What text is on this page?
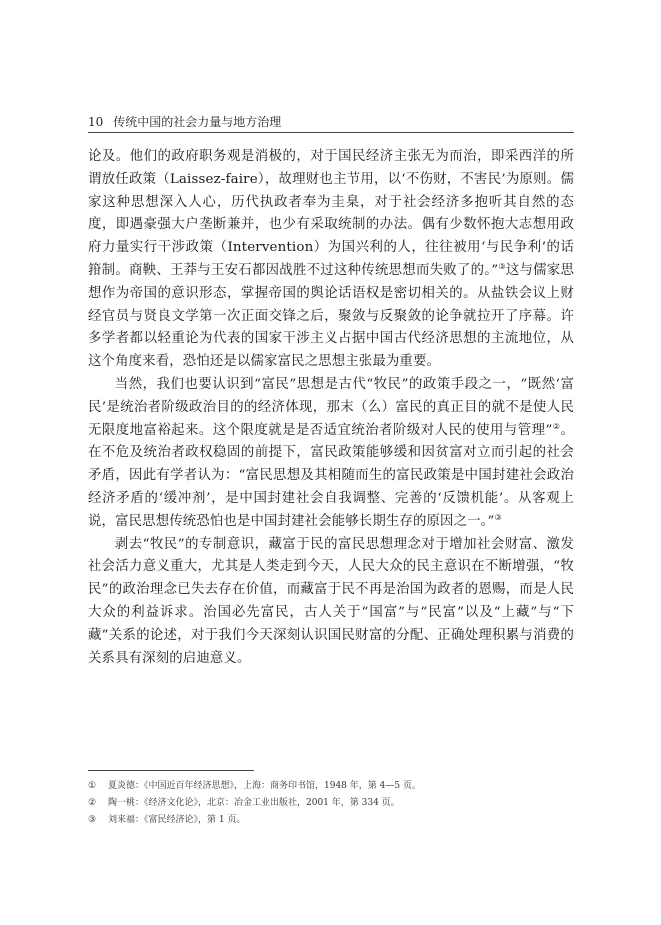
10 传统中国的社会力量与地方治理

论及。他们的政府职务观是消极的，对于国民经济主张无为而治，即采西洋的所谓放任政策（Laissez-faire），故理财也主节用，以‘不伤财，不害民’为原则。儒家这种思想深入人心，历代执政者奉为圭臬，对于社会经济多抱听其自然的态度，即遇豪强大户垄断兼并，也少有采取统制的办法。偶有少数怀抱大志想用政府力量实行干涉政策（Intervention）为国兴利的人，往往被用‘与民争利’的话箝制。商鞅、王莽与王安石都因战胜不过这种传统思想而失败了的。”③这与儒家思想作为帝国的意识形态，掌握帝国的舆论话语权是密切相关的。从盐铁会议上财经官员与贤良文学第一次正面交锋之后，聚敛与反聚敛的论争就拉开了序幕。许多学者都以轻重论为代表的国家干涉主义占据中国古代经济思想的主流地位，从这个角度来看，恐怕还是以儒家富民之思想主张最为重要。

当然，我们也要认识到“富民”思想是古代“牧民”的政策手段之一，“既然‘富民’是统治者阶级政治目的的经济体现，那末（么）富民的真正目的就不是使人民无限度地富裕起来。这个限度就是是否适宜统治者阶级对人民的使用与管理”②。在不危及统治者政权稳固的前提下，富民政策能够缓和因贫富对立而引起的社会矛盾，因此有学者认为：“富民思想及其相随而生的富民政策是中国封建社会政治经济矛盾的‘缓冲剂’，是中国封建社会自我调整、完善的‘反馈机能’。从客观上说，富民思想传统恐怕也是中国封建社会能够长期生存的原因之一。”③

剥去“牧民”的专制意识，藏富于民的富民思想理念对于增加社会财富、激发社会活力意义重大，尤其是人类走到今天，人民大众的民主意识在不断增强，“牧民”的政治理念已失去存在价值，而藏富于民不再是治国为政者的恩赐，而是人民大众的利益诉求。治国必先富民，古人关于“国富”与“民富”以及“上藏”与“下藏”关系的论述，对于我们今天深刻认识国民财富的分配、正确处理积累与消费的关系具有深刻的启迪意义。

① 夏炎德：《中国近百年经济思想》，上海：商务印书馆，1948 年，第 4—5 页。
② 陶一桃：《经济文化论》，北京：冶金工业出版社，2001 年，第 334 页。
③ 刘来福：《富民经济论》，第 1 页。
